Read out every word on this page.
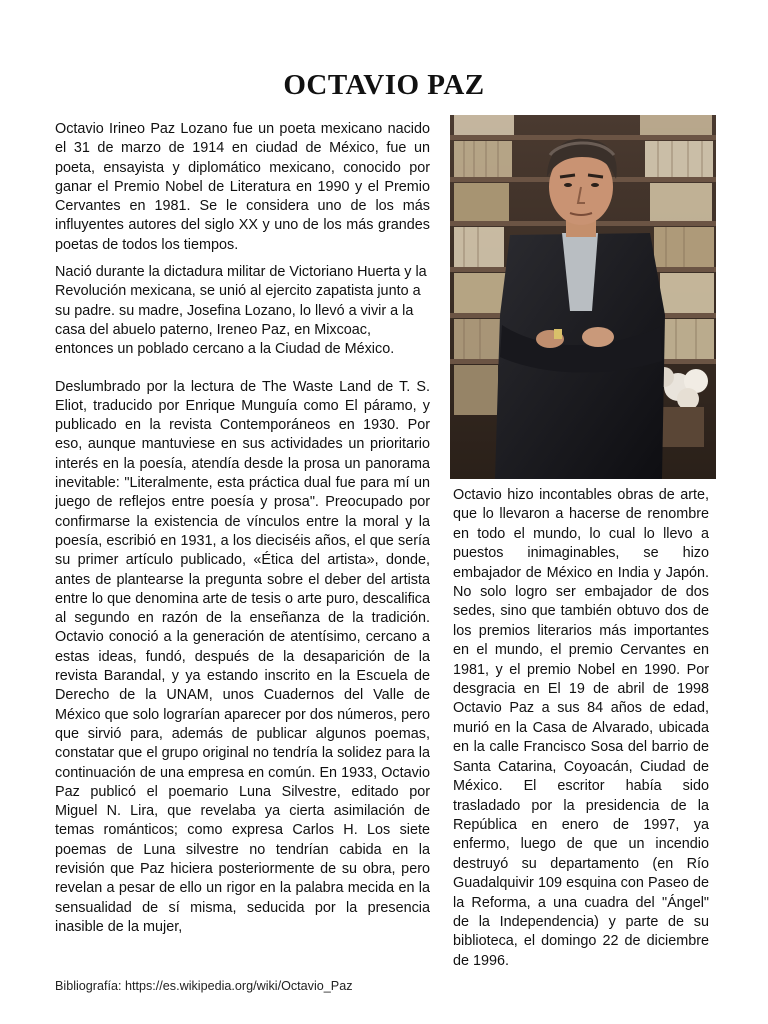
OCTAVIO PAZ

Octavio Irineo Paz Lozano fue un poeta mexicano nacido el 31 de marzo de 1914 en ciudad de México, fue un poeta, ensayista y diplomático mexicano, conocido por ganar el Premio Nobel de Literatura en 1990 y el Premio Cervantes en 1981. Se le considera uno de los más influyentes autores del siglo XX y uno de los más grandes poetas de todos los tiempos.

Nació durante la dictadura militar de Victoriano Huerta y la Revolución mexicana, se unió al ejercito zapatista junto a su padre. su madre, Josefina Lozano, lo llevó a vivir a la casa del abuelo paterno, Ireneo Paz, en Mixcoac, entonces un poblado cercano a la Ciudad de México.

Deslumbrado por la lectura de The Waste Land de T. S. Eliot, traducido por Enrique Munguía como El páramo, y publicado en la revista Contemporáneos en 1930. Por eso, aunque mantuviese en sus actividades un prioritario interés en la poesía, atendía desde la prosa un panorama inevitable: "Literalmente, esta práctica dual fue para mí un juego de reflejos entre poesía y prosa". Preocupado por confirmarse la existencia de vínculos entre la moral y la poesía, escribió en 1931, a los dieciséis años, el que sería su primer artículo publicado, «Ética del artista», donde, antes de plantearse la pregunta sobre el deber del artista entre lo que denomina arte de tesis o arte puro, descalifica al segundo en razón de la enseñanza de la tradición. Octavio conoció a la generación de atentísimo, cercano a estas ideas, fundó, después de la desaparición de la revista Barandal, y ya estando inscrito en la Escuela de Derecho de la UNAM, unos Cuadernos del Valle de México que solo lograrían aparecer por dos números, pero que sirvió para, además de publicar algunos poemas, constatar que el grupo original no tendría la solidez para la continuación de una empresa en común. En 1933, Octavio Paz publicó el poemario Luna Silvestre, editado por Miguel N. Lira, que revelaba ya cierta asimilación de temas románticos; como expresa Carlos H. Los siete poemas de Luna silvestre no tendrían cabida en la revisión que Paz hiciera posteriormente de su obra, pero revelan a pesar de ello un rigor en la palabra mecida en la sensualidad de sí misma, seducida por la presencia inasible de la mujer,

Bibliografía: https://es.wikipedia.org/wiki/Octavio_Paz

Octavio hizo incontables obras de arte, que lo llevaron a hacerse de renombre en todo el mundo, lo cual lo llevo a puestos inimaginables, se hizo embajador de México en India y Japón. No solo logro ser embajador de dos sedes, sino que también obtuvo dos de los premios literarios más importantes en el mundo, el premio Cervantes en 1981, y el premio Nobel en 1990. Por desgracia en El 19 de abril de 1998 Octavio Paz a sus 84 años de edad, murió en la Casa de Alvarado, ubicada en la calle Francisco Sosa del barrio de Santa Catarina, Coyoacán, Ciudad de México. El escritor había sido trasladado por la presidencia de la República en enero de 1997, ya enfermo, luego de que un incendio destruyó su departamento (en Río Guadalquivir 109 esquina con Paseo de la Reforma, a una cuadra del "Ángel" de la Independencia) y parte de su biblioteca, el domingo 22 de diciembre de 1996.
